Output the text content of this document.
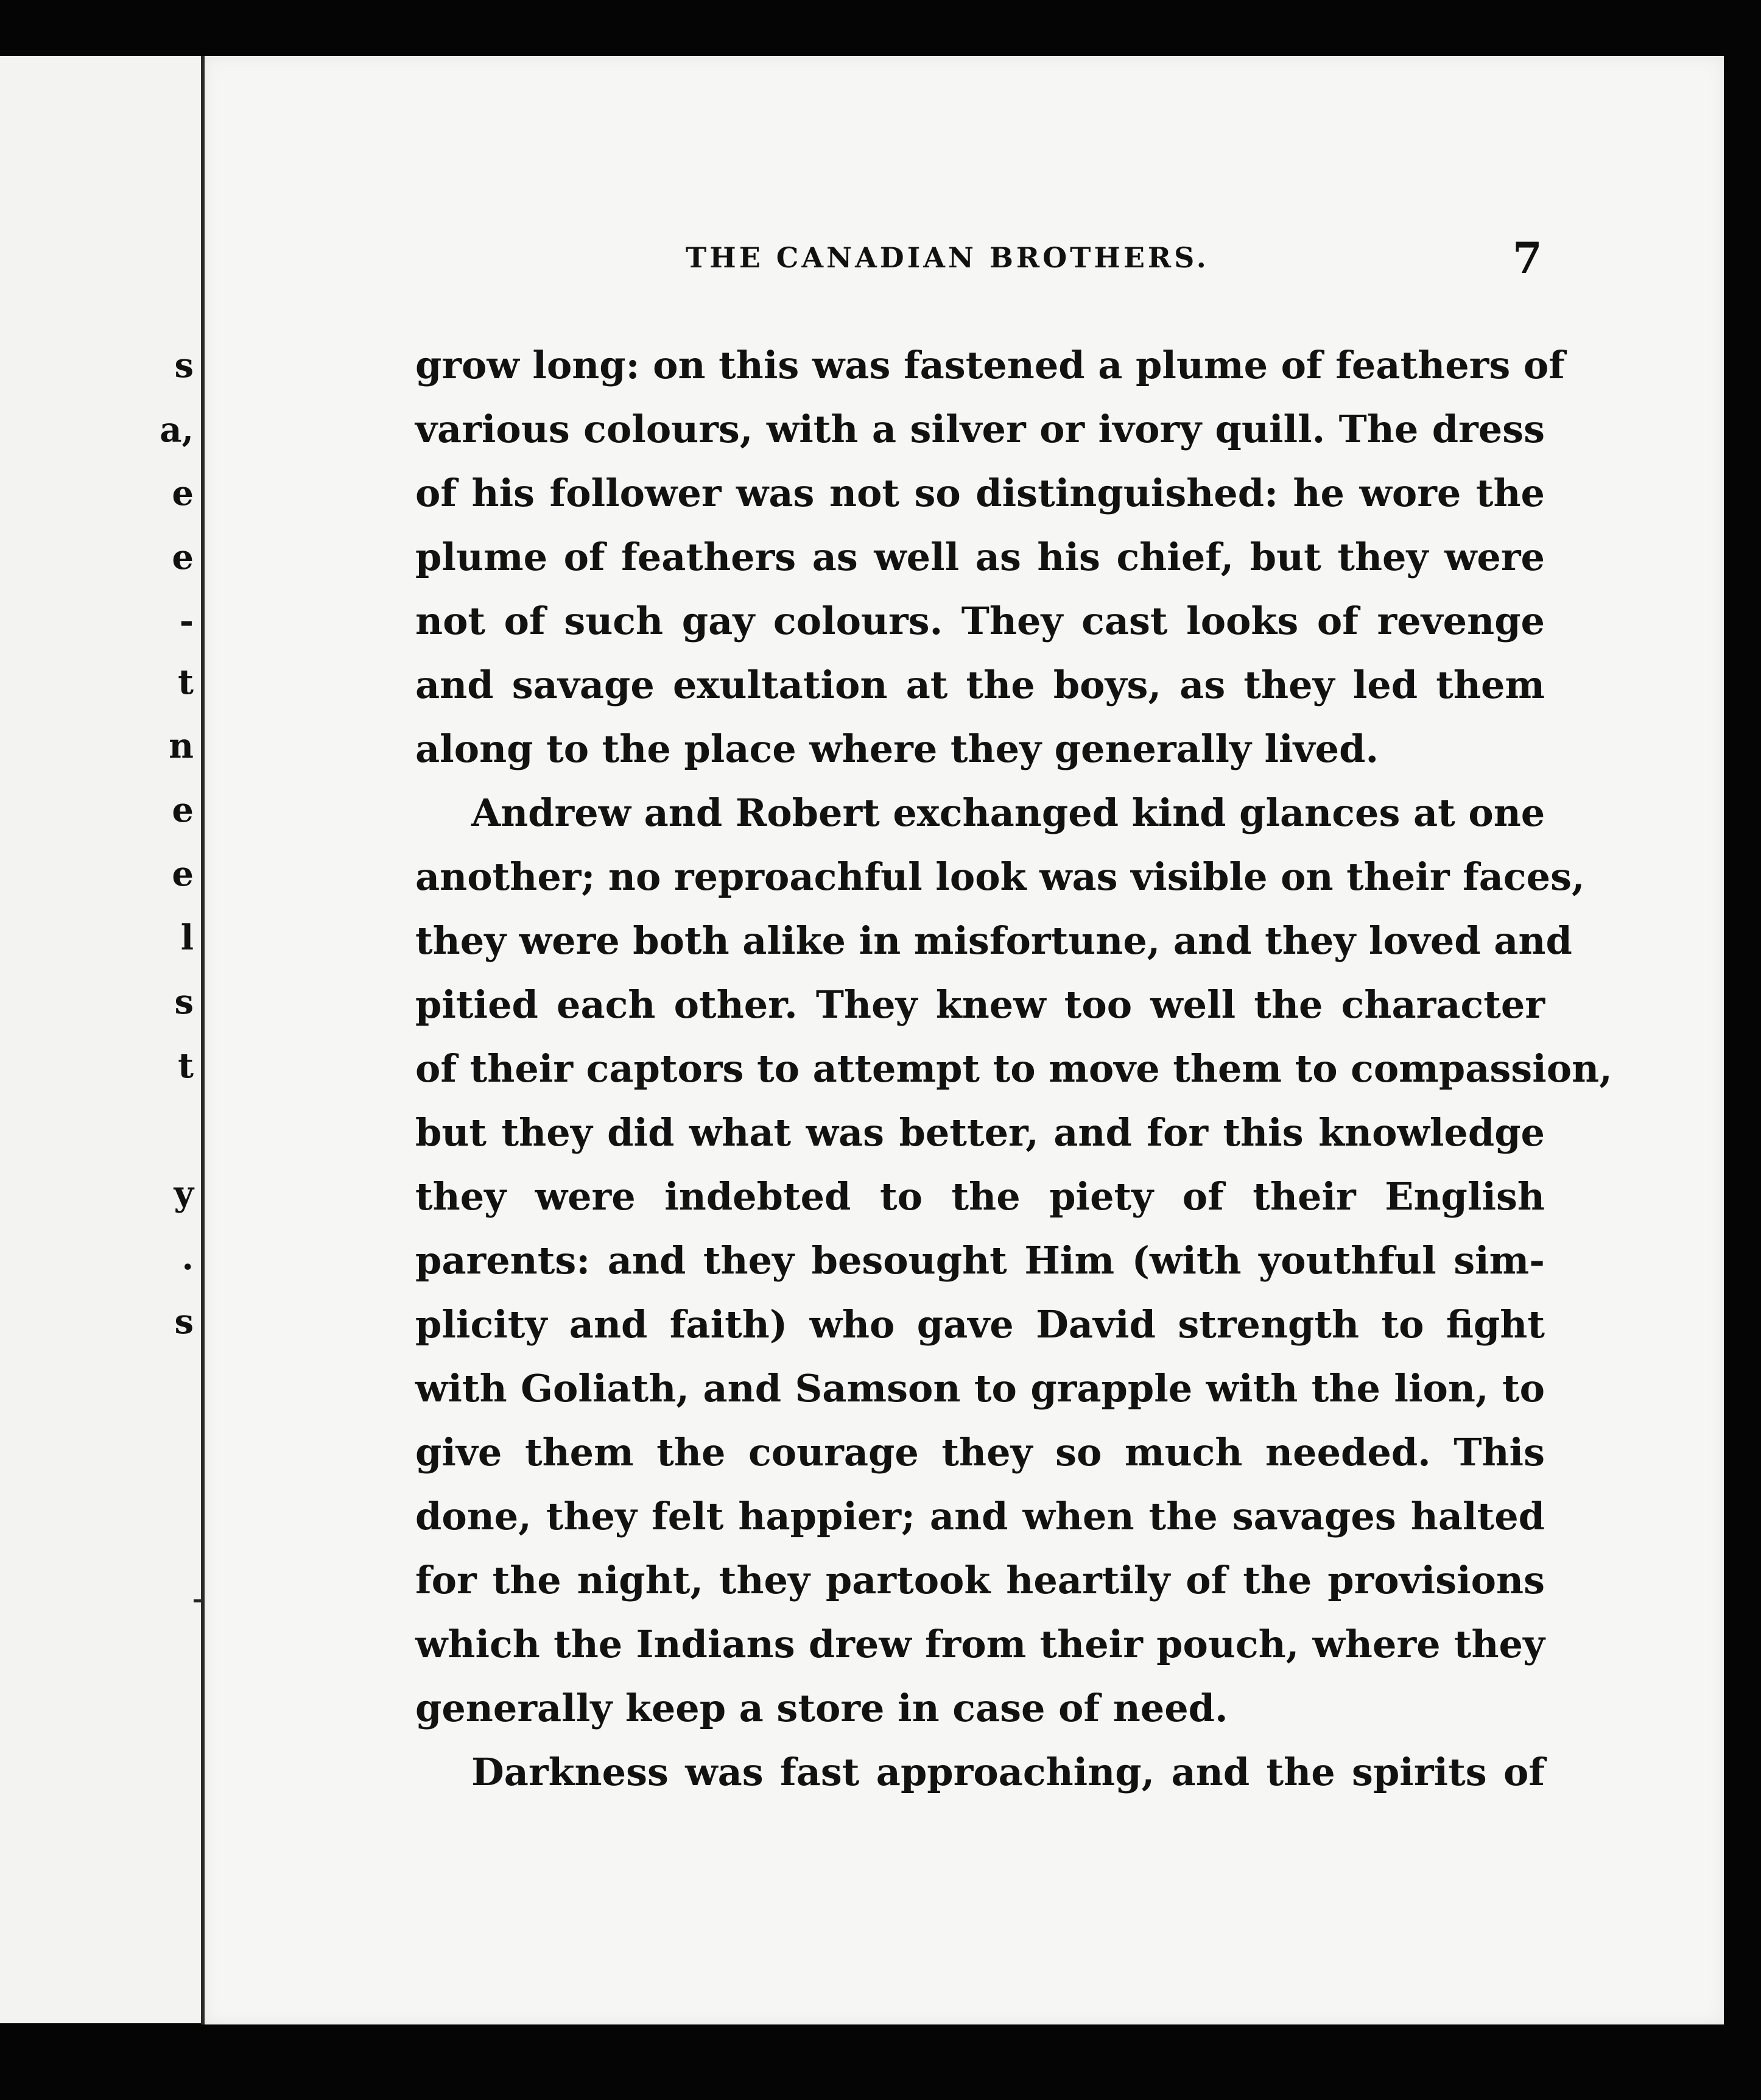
s
a,
e
e
-
t
n
e
e
l
s
t
y
.
s
THE CANADIAN BROTHERS.	7
grow long: on this was fastened a plume of feathers of
various colours, with a silver or ivory quill. The dress
of his follower was not so distinguished: he wore the
plume of feathers as well as his chief, but they were
not of such gay colours. They cast looks of revenge
and savage exultation at the boys, as they led them
along to the place where they generally lived.
Andrew and Robert exchanged kind glances at one
another; no reproachful look was visible on their faces,
they were both alike in misfortune, and they loved and
pitied each other. They knew too well the character
of their captors to attempt to move them to compassion,
but they did what was better, and for this knowledge
they were indebted to the piety of their English
parents: and they besought Him (with youthful sim-
plicity and faith) who gave David strength to fight
with Goliath, and Samson to grapple with the lion, to
give them the courage they so much needed. This
done, they felt happier; and when the savages halted
for the night, they partook heartily of the provisions
which the Indians drew from their pouch, where they
generally keep a store in case of need.
Darkness was fast approaching, and the spirits of
